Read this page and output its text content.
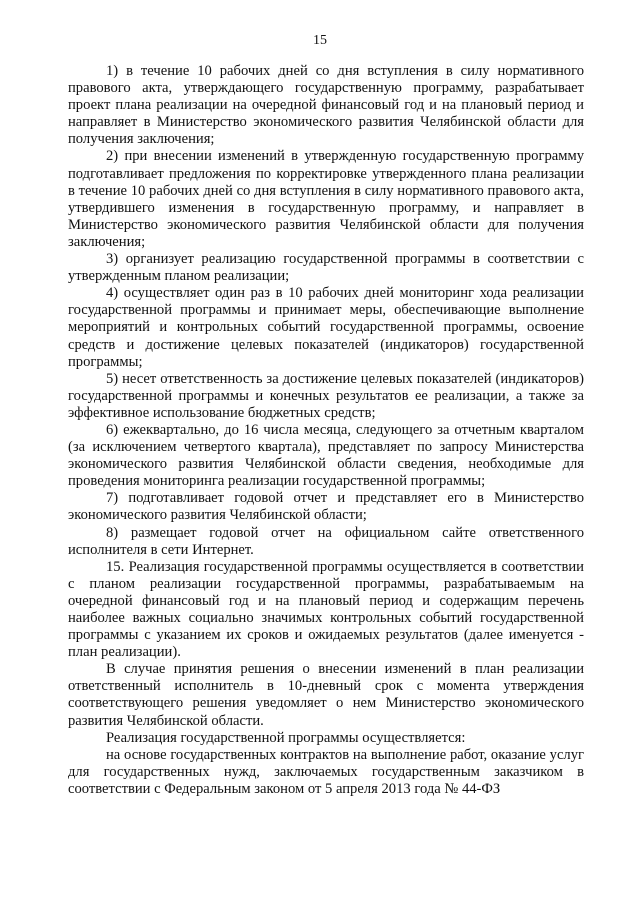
15

1) в течение 10 рабочих дней со дня вступления в силу нормативного правового акта, утверждающего государственную программу, разрабатывает проект плана реализации на очередной финансовый год и на плановый период и направляет в Министерство экономического развития Челябинской области для получения заключения;

2) при внесении изменений в утвержденную государственную программу подготавливает предложения по корректировке утвержденного плана реализации в течение 10 рабочих дней со дня вступления в силу нормативного правового акта, утвердившего изменения в государственную программу, и направляет в Министерство экономического развития Челябинской области для получения заключения;

3) организует реализацию государственной программы в соответствии с утвержденным планом реализации;

4) осуществляет один раз в 10 рабочих дней мониторинг хода реализации государственной программы и принимает меры, обеспечивающие выполнение мероприятий и контрольных событий государственной программы, освоение средств и достижение целевых показателей (индикаторов) государственной программы;

5) несет ответственность за достижение целевых показателей (индикаторов) государственной программы и конечных результатов ее реализации, а также за эффективное использование бюджетных средств;

6) ежеквартально, до 16 числа месяца, следующего за отчетным кварталом (за исключением четвертого квартала), представляет по запросу Министерства экономического развития Челябинской области сведения, необходимые для проведения мониторинга реализации государственной программы;

7) подготавливает годовой отчет и представляет его в Министерство экономического развития Челябинской области;

8) размещает годовой отчет на официальном сайте ответственного исполнителя в сети Интернет.

15. Реализация государственной программы осуществляется в соответствии с планом реализации государственной программы, разрабатываемым на очередной финансовый год и на плановый период и содержащим перечень наиболее важных социально значимых контрольных событий государственной программы с указанием их сроков и ожидаемых результатов (далее именуется - план реализации).

В случае принятия решения о внесении изменений в план реализации ответственный исполнитель в 10-дневный срок с момента утверждения соответствующего решения уведомляет о нем Министерство экономического развития Челябинской области.

Реализация государственной программы осуществляется:

на основе государственных контрактов на выполнение работ, оказание услуг для государственных нужд, заключаемых государственным заказчиком в соответствии с Федеральным законом от 5 апреля 2013 года № 44-ФЗ
